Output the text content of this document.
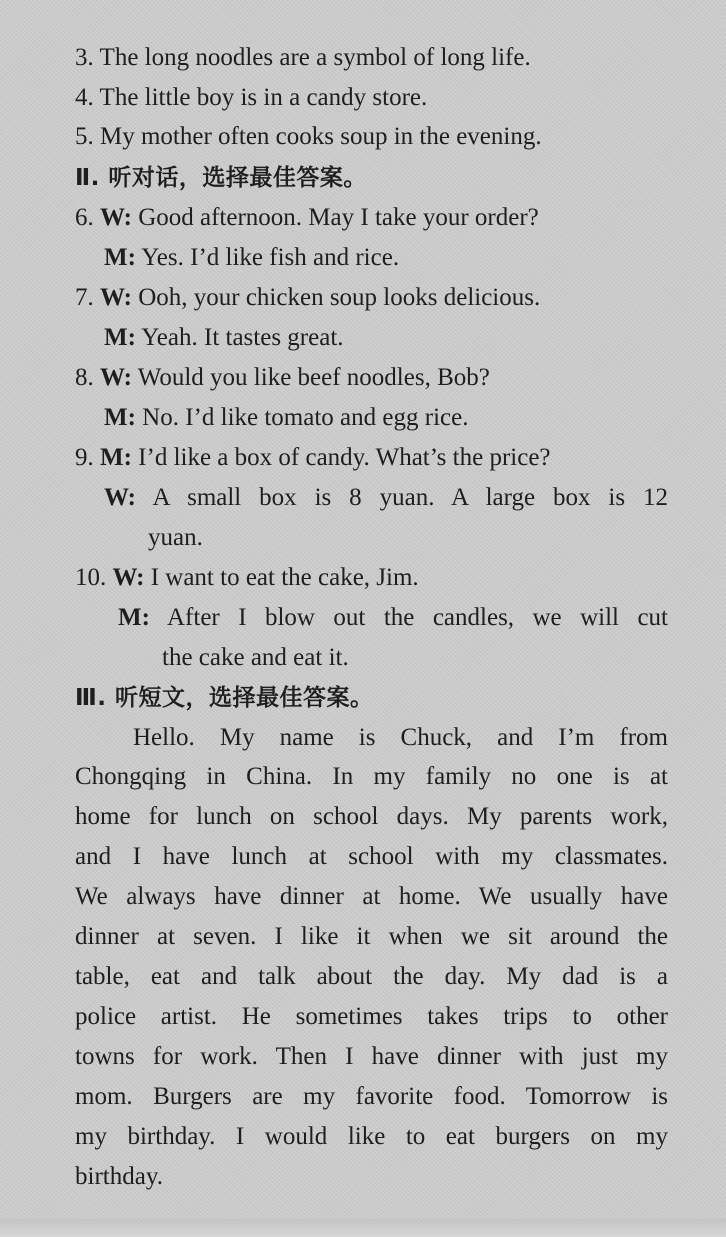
3. The long noodles are a symbol of long life.
4. The little boy is in a candy store.
5. My mother often cooks soup in the evening.
Ⅱ. 听对话，选择最佳答案。
6. W: Good afternoon. May I take your order?
M: Yes. I’d like fish and rice.
7. W: Ooh, your chicken soup looks delicious.
M: Yeah. It tastes great.
8. W: Would you like beef noodles, Bob?
M: No. I’d like tomato and egg rice.
9. M: I’d like a box of candy. What’s the price?
W: A small box is 8 yuan. A large box is 12
yuan.
10. W: I want to eat the cake, Jim.
M: After I blow out the candles, we will cut
the cake and eat it.
Ⅲ. 听短文，选择最佳答案。
Hello. My name is Chuck, and I’m from
Chongqing in China. In my family no one is at
home for lunch on school days. My parents work,
and I have lunch at school with my classmates.
We always have dinner at home. We usually have
dinner at seven. I like it when we sit around the
table, eat and talk about the day. My dad is a
police artist. He sometimes takes trips to other
towns for work. Then I have dinner with just my
mom. Burgers are my favorite food. Tomorrow is
my birthday. I would like to eat burgers on my
birthday.
